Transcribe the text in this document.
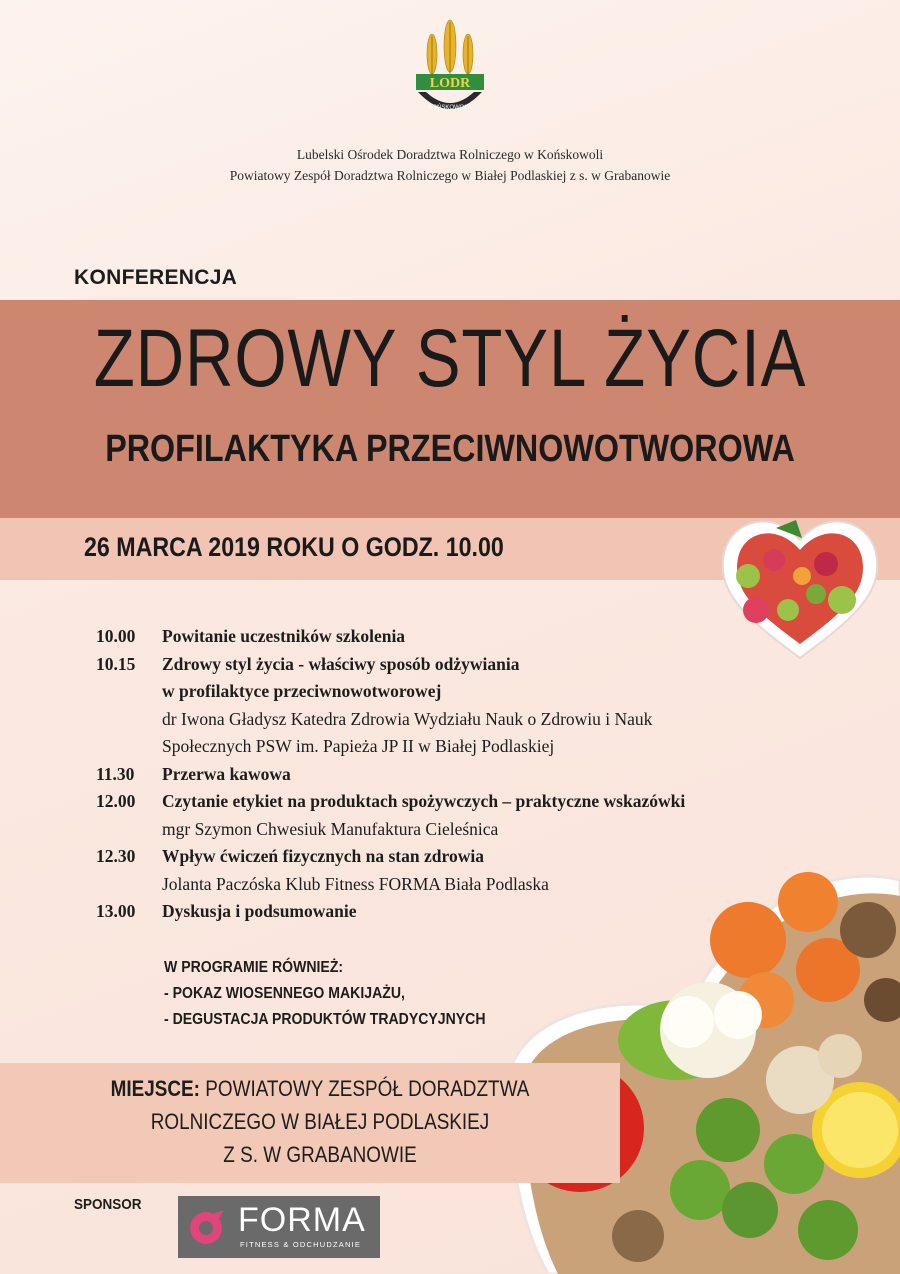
LODR
KOŃSKOWOLA
Lubelski Ośrodek Doradztwa Rolniczego w Końskowoli
Powiatowy Zespół Doradztwa Rolniczego w Białej Podlaskiej z s. w Grabanowie
KONFERENCJA
ZDROWY STYL ŻYCIA
PROFILAKTYKA PRZECIWNOWOTWOROWA
26 MARCA 2019 ROKU O GODZ. 10.00
10.00	Powitanie uczestników szkolenia
10.15	Zdrowy styl życia - właściwy sposób odżywiania
w profilaktyce przeciwnowotworowej
dr Iwona Gładysz Katedra Zdrowia Wydziału Nauk o Zdrowiu i Nauk
Społecznych PSW im. Papieża JP II w Białej Podlaskiej
11.30	Przerwa kawowa
12.00	Czytanie etykiet na produktach spożywczych – praktyczne wskazówki
mgr Szymon Chwesiuk Manufaktura Cieleśnica
12.30	Wpływ ćwiczeń fizycznych na stan zdrowia
Jolanta Paczóska Klub Fitness FORMA Biała Podlaska
13.00	Dyskusja i podsumowanie
W PROGRAMIE RÓWNIEŻ:
- POKAZ WIOSENNEGO MAKIJAŻU,
- DEGUSTACJA PRODUKTÓW TRADYCYJNYCH
MIEJSCE: POWIATOWY ZESPÓŁ DORADZTWA
ROLNICZEGO W BIAŁEJ PODLASKIEJ
Z S. W GRABANOWIE
SPONSOR	FORMA
FITNESS & ODCHUDZANIE
